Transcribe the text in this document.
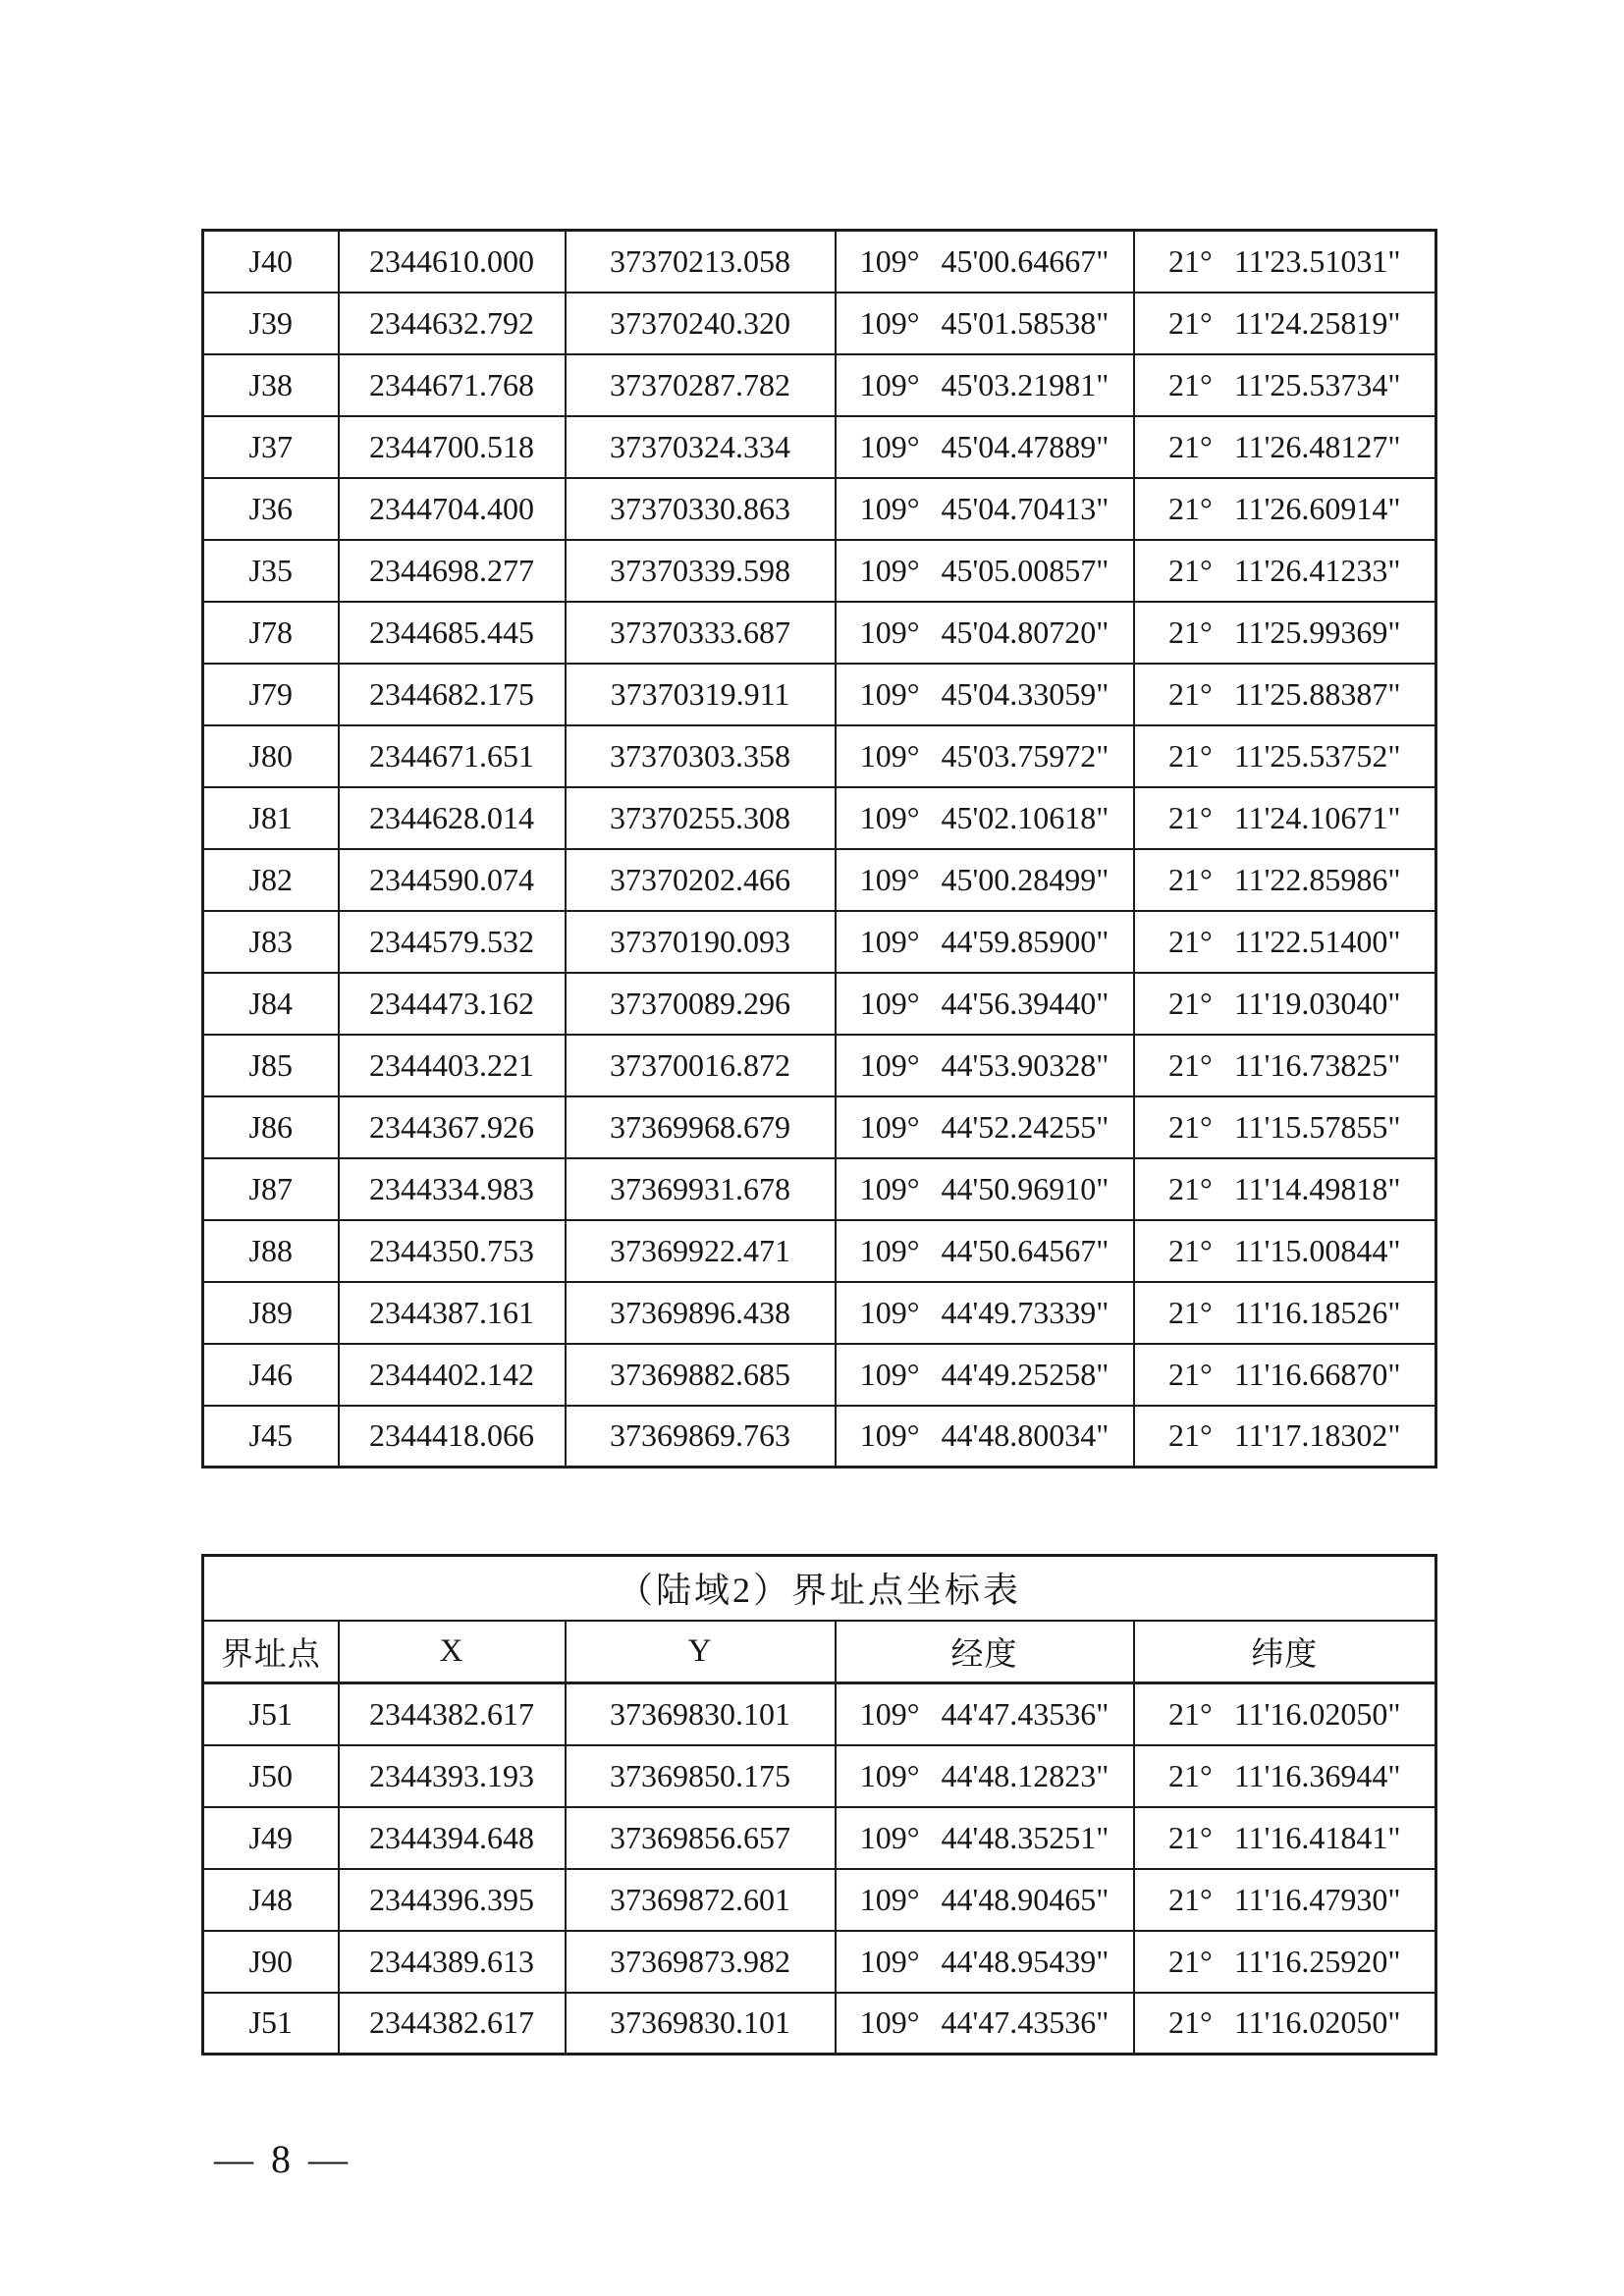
J40	2344610.000	37370213.058	109° 45'00.64667"	21° 11'23.51031"
J39	2344632.792	37370240.320	109° 45'01.58538"	21° 11'24.25819"
J38	2344671.768	37370287.782	109° 45'03.21981"	21° 11'25.53734"
J37	2344700.518	37370324.334	109° 45'04.47889"	21° 11'26.48127"
J36	2344704.400	37370330.863	109° 45'04.70413"	21° 11'26.60914"
J35	2344698.277	37370339.598	109° 45'05.00857"	21° 11'26.41233"
J78	2344685.445	37370333.687	109° 45'04.80720"	21° 11'25.99369"
J79	2344682.175	37370319.911	109° 45'04.33059"	21° 11'25.88387"
J80	2344671.651	37370303.358	109° 45'03.75972"	21° 11'25.53752"
J81	2344628.014	37370255.308	109° 45'02.10618"	21° 11'24.10671"
J82	2344590.074	37370202.466	109° 45'00.28499"	21° 11'22.85986"
J83	2344579.532	37370190.093	109° 44'59.85900"	21° 11'22.51400"
J84	2344473.162	37370089.296	109° 44'56.39440"	21° 11'19.03040"
J85	2344403.221	37370016.872	109° 44'53.90328"	21° 11'16.73825"
J86	2344367.926	37369968.679	109° 44'52.24255"	21° 11'15.57855"
J87	2344334.983	37369931.678	109° 44'50.96910"	21° 11'14.49818"
J88	2344350.753	37369922.471	109° 44'50.64567"	21° 11'15.00844"
J89	2344387.161	37369896.438	109° 44'49.73339"	21° 11'16.18526"
J46	2344402.142	37369882.685	109° 44'49.25258"	21° 11'16.66870"
J45	2344418.066	37369869.763	109° 44'48.80034"	21° 11'17.18302"
（陆域2）界址点坐标表				
界址点	X	Y	经度	纬度
J51	2344382.617	37369830.101	109° 44'47.43536"	21° 11'16.02050"
J50	2344393.193	37369850.175	109° 44'48.12823"	21° 11'16.36944"
J49	2344394.648	37369856.657	109° 44'48.35251"	21° 11'16.41841"
J48	2344396.395	37369872.601	109° 44'48.90465"	21° 11'16.47930"
J90	2344389.613	37369873.982	109° 44'48.95439"	21° 11'16.25920"
J51	2344382.617	37369830.101	109° 44'47.43536"	21° 11'16.02050"
— 8 —
